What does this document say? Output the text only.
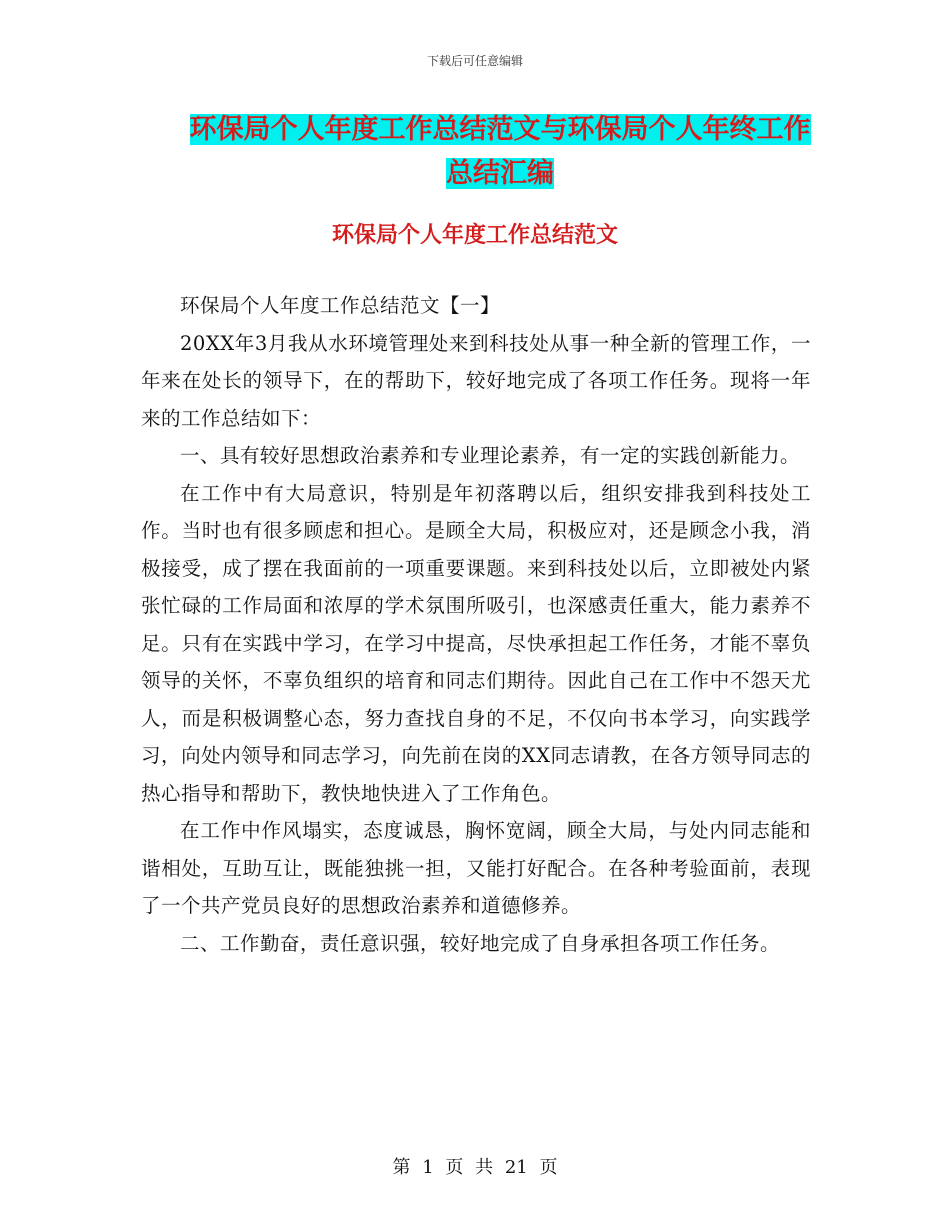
下载后可任意编辑
环保局个人年度工作总结范文与环保局个人年终工作
总结汇编
环保局个人年度工作总结范文

环保局个人年度工作总结范文【一】

20XX年3月我从水环境管理处来到科技处从事一种全新的管理工作，一年来在处长的领导下，在的帮助下，较好地完成了各项工作任务。现将一年来的工作总结如下：

一、具有较好思想政治素养和专业理论素养，有一定的实践创新能力。

在工作中有大局意识，特别是年初落聘以后，组织安排我到科技处工作。当时也有很多顾虑和担心。是顾全大局，积极应对，还是顾念小我，消极接受，成了摆在我面前的一项重要课题。来到科技处以后，立即被处内紧张忙碌的工作局面和浓厚的学术氛围所吸引，也深感责任重大，能力素养不足。只有在实践中学习，在学习中提高，尽快承担起工作任务，才能不辜负领导的关怀，不辜负组织的培育和同志们期待。因此自己在工作中不怨天尤人，而是积极调整心态，努力查找自身的不足，不仅向书本学习，向实践学习，向处内领导和同志学习，向先前在岗的XX同志请教，在各方领导同志的热心指导和帮助下，教快地快进入了工作角色。

在工作中作风塌实，态度诚恳，胸怀宽阔，顾全大局，与处内同志能和谐相处，互助互让，既能独挑一担，又能打好配合。在各种考验面前，表现了一个共产党员良好的思想政治素养和道德修养。

二、工作勤奋，责任意识强，较好地完成了自身承担各项工作任务。

第 1 页 共 21 页
